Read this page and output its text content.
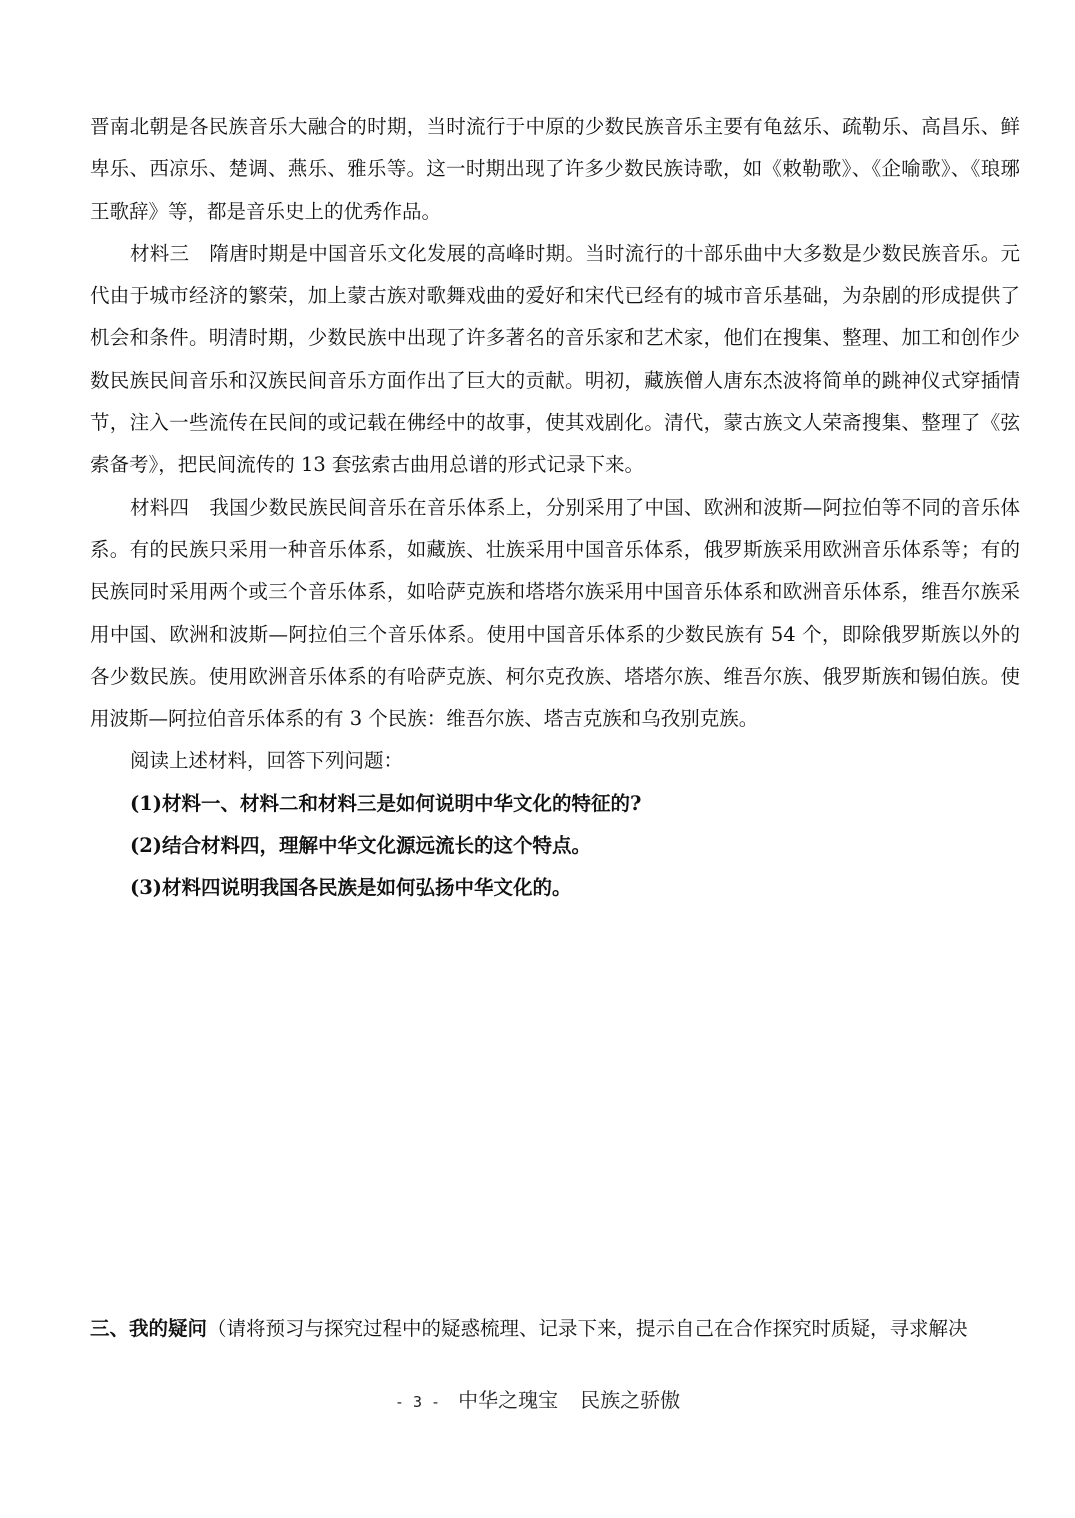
晋南北朝是各民族音乐大融合的时期，当时流行于中原的少数民族音乐主要有龟兹乐、疏勒乐、高昌乐、鲜卑乐、西凉乐、楚调、燕乐、雅乐等。这一时期出现了许多少数民族诗歌，如《敕勒歌》、《企喻歌》、《琅琊王歌辞》等，都是音乐史上的优秀作品。

材料三 隋唐时期是中国音乐文化发展的高峰时期。当时流行的十部乐曲中大多数是少数民族音乐。元代由于城市经济的繁荣，加上蒙古族对歌舞戏曲的爱好和宋代已经有的城市音乐基础，为杂剧的形成提供了机会和条件。明清时期，少数民族中出现了许多著名的音乐家和艺术家，他们在搜集、整理、加工和创作少数民族民间音乐和汉族民间音乐方面作出了巨大的贡献。明初，藏族僧人唐东杰波将简单的跳神仪式穿插情节，注入一些流传在民间的或记载在佛经中的故事，使其戏剧化。清代，蒙古族文人荣斋搜集、整理了《弦索备考》，把民间流传的 13 套弦索古曲用总谱的形式记录下来。

材料四 我国少数民族民间音乐在音乐体系上，分别采用了中国、欧洲和波斯—阿拉伯等不同的音乐体系。有的民族只采用一种音乐体系，如藏族、壮族采用中国音乐体系，俄罗斯族采用欧洲音乐体系等；有的民族同时采用两个或三个音乐体系，如哈萨克族和塔塔尔族采用中国音乐体系和欧洲音乐体系，维吾尔族采用中国、欧洲和波斯—阿拉伯三个音乐体系。使用中国音乐体系的少数民族有 54 个，即除俄罗斯族以外的各少数民族。使用欧洲音乐体系的有哈萨克族、柯尔克孜族、塔塔尔族、维吾尔族、俄罗斯族和锡伯族。使用波斯—阿拉伯音乐体系的有 3 个民族：维吾尔族、塔吉克族和乌孜别克族。

阅读上述材料，回答下列问题：

(1)材料一、材料二和材料三是如何说明中华文化的特征的?

(2)结合材料四，理解中华文化源远流长的这个特点。

(3)材料四说明我国各民族是如何弘扬中华文化的。

三、我的疑问（请将预习与探究过程中的疑惑梳理、记录下来，提示自己在合作探究时质疑，寻求解决
- 3 - 中华之瑰宝 民族之骄傲
